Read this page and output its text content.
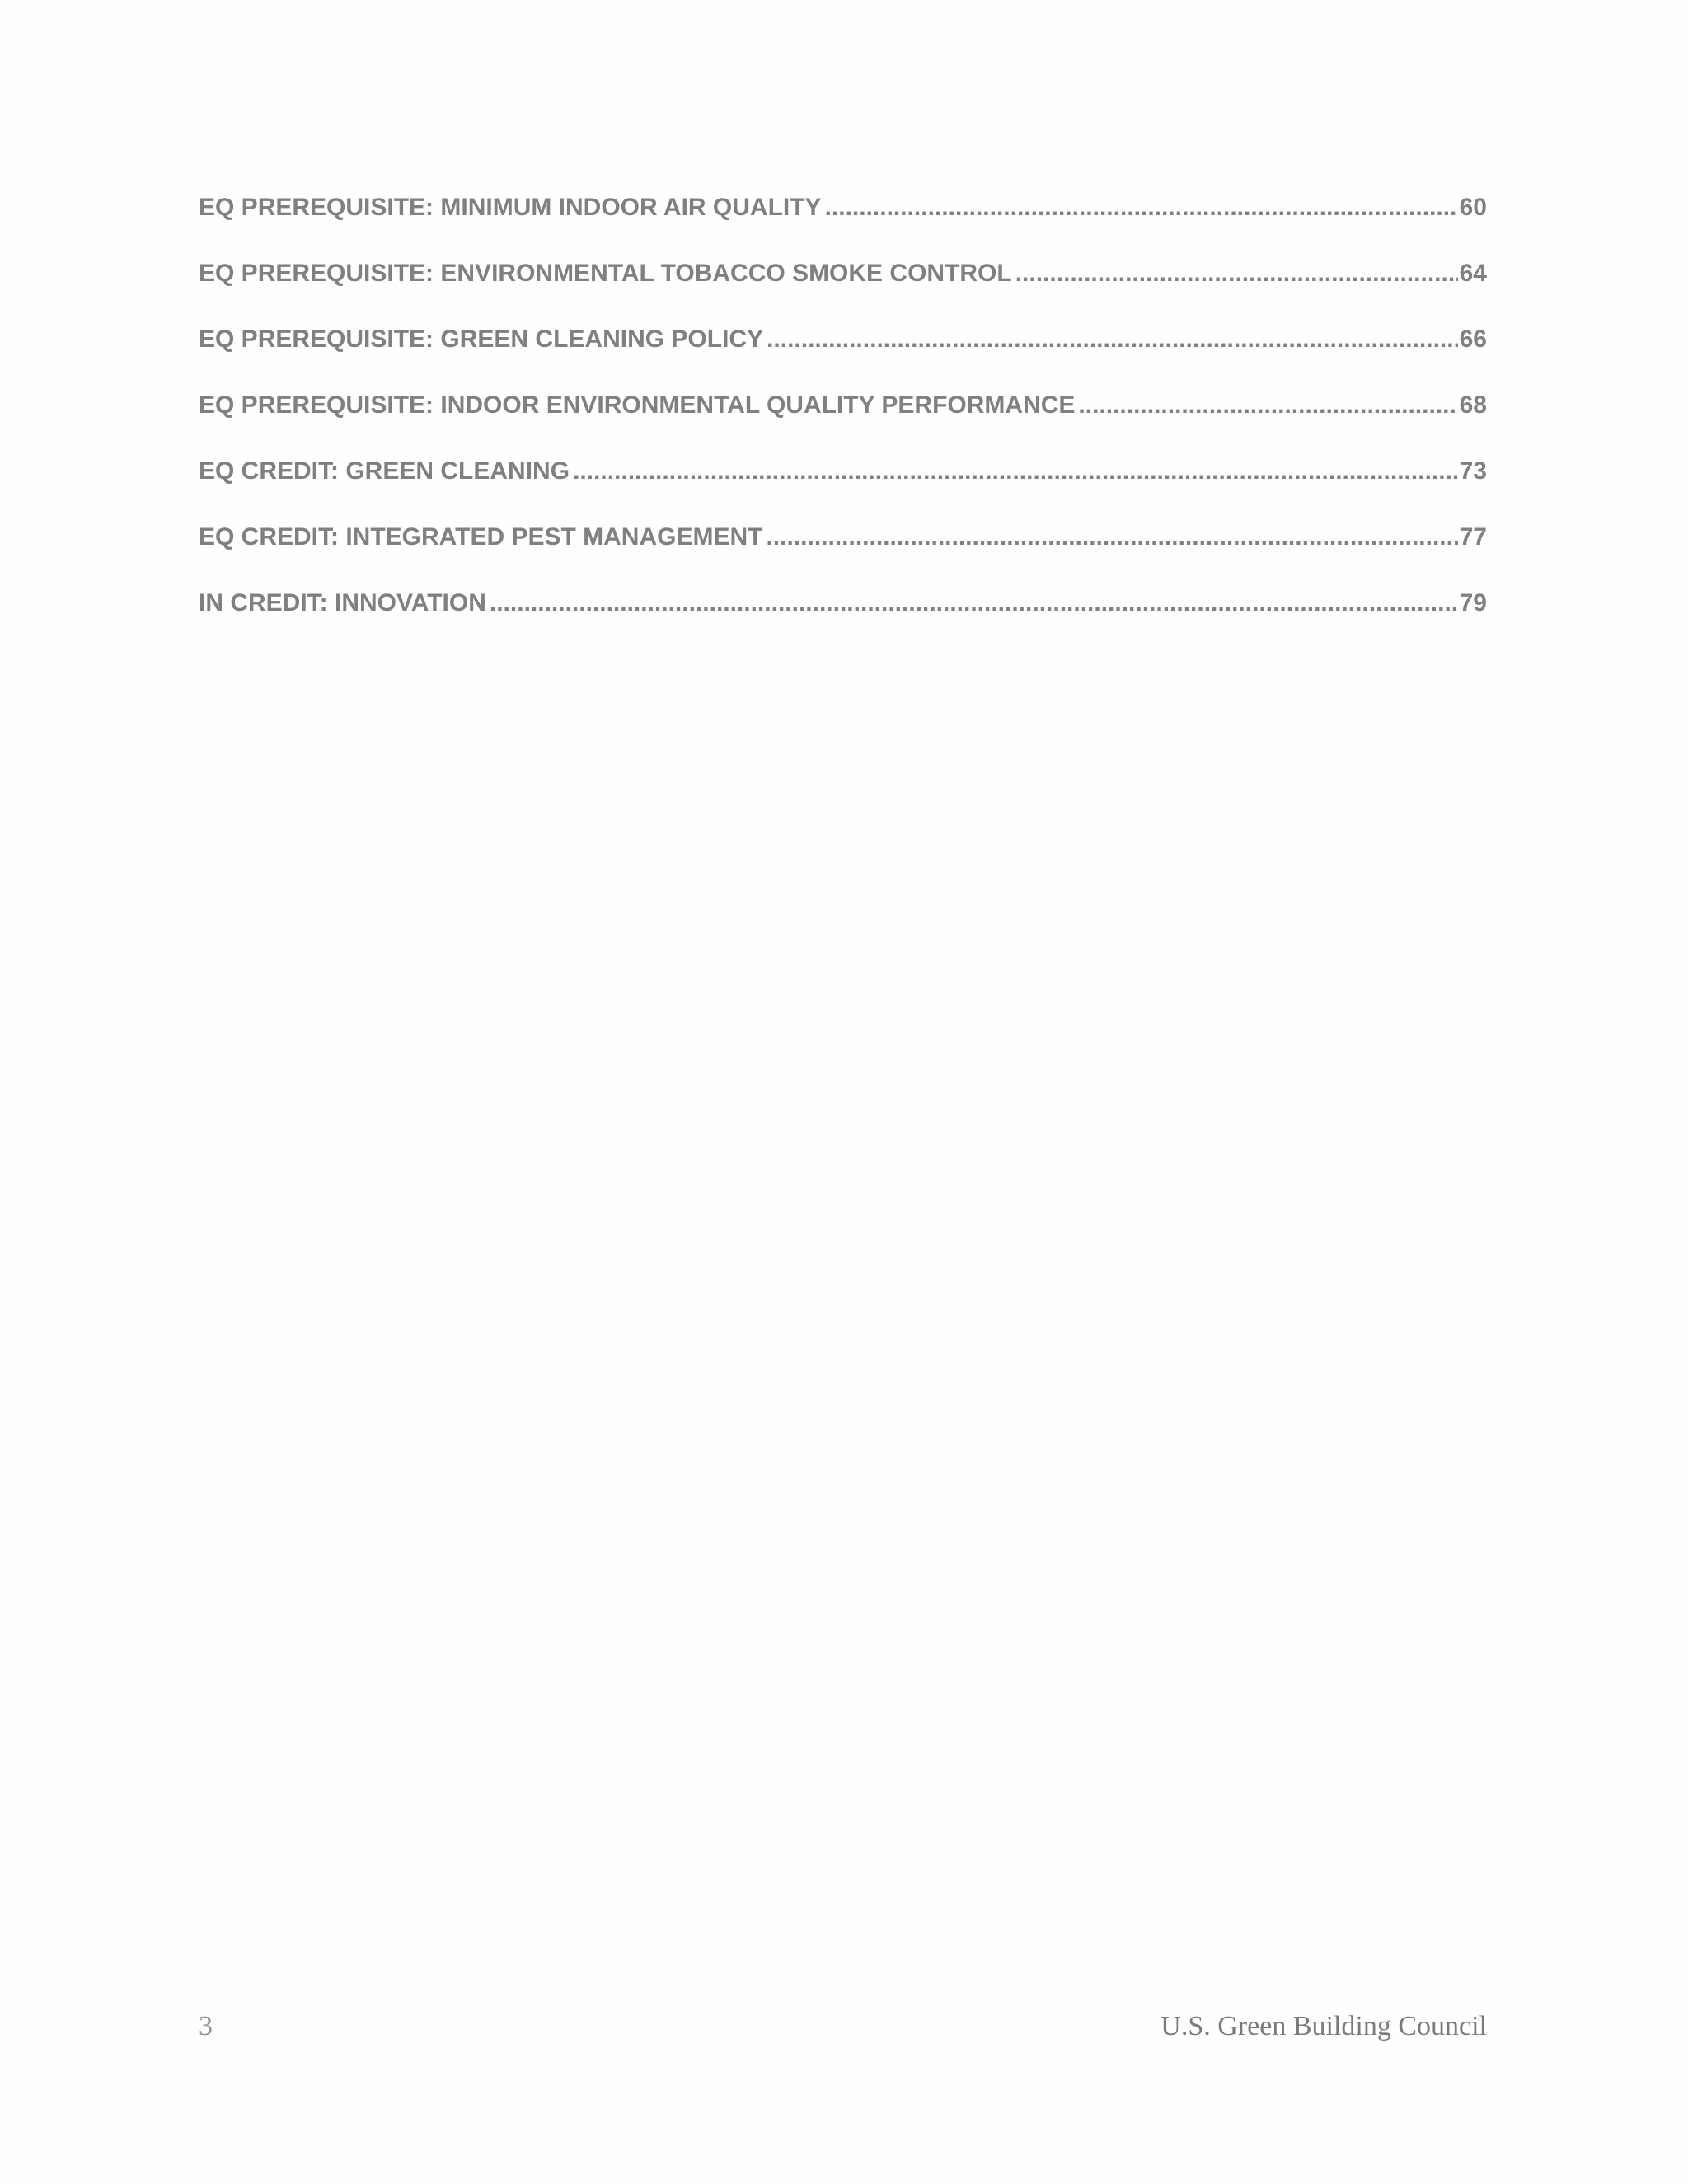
EQ PREREQUISITE: MINIMUM INDOOR AIR QUALITY .....	60
EQ PREREQUISITE: ENVIRONMENTAL TOBACCO SMOKE CONTROL .....	64
EQ PREREQUISITE: GREEN CLEANING POLICY .....	66
EQ PREREQUISITE: INDOOR ENVIRONMENTAL QUALITY PERFORMANCE .....	68
EQ CREDIT: GREEN CLEANING .....	73
EQ CREDIT: INTEGRATED PEST MANAGEMENT .....	77
IN CREDIT: INNOVATION .....	79
3	U.S. Green Building Council
